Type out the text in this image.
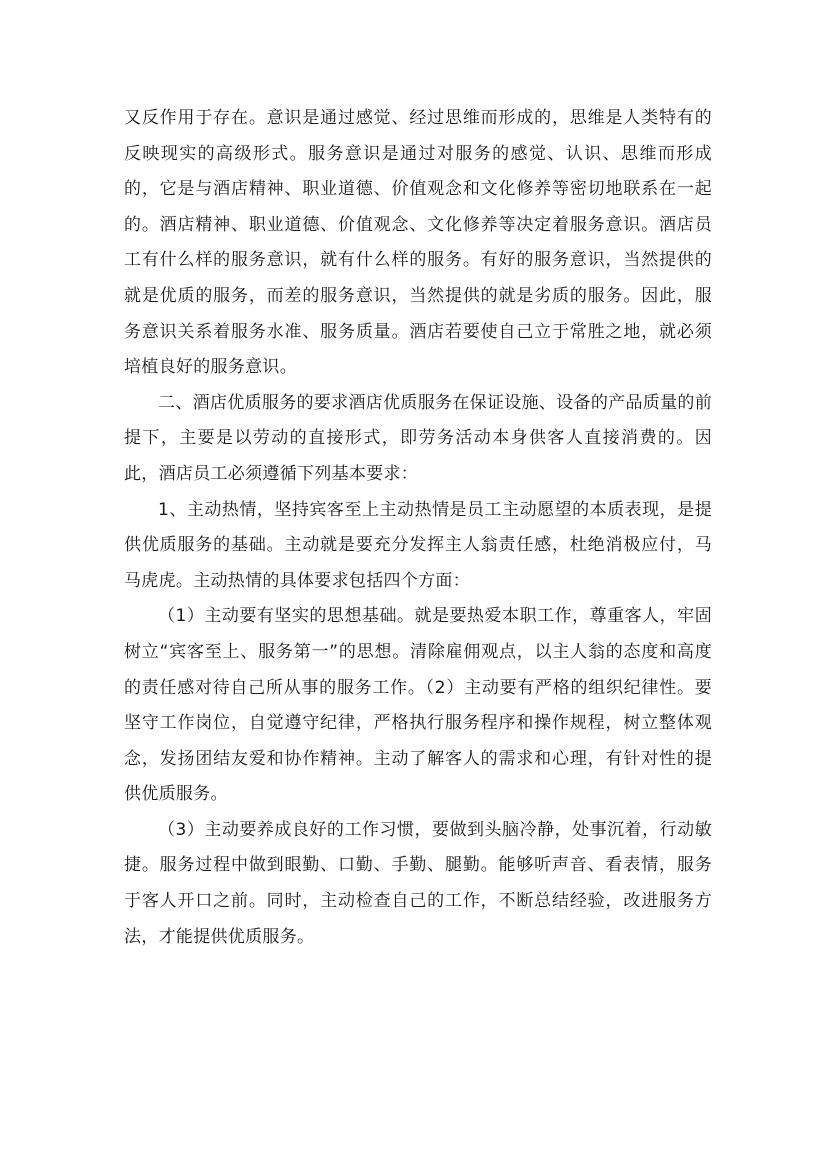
又反作用于存在。意识是通过感觉、经过思维而形成的，思维是人类特有的反映现实的高级形式。服务意识是通过对服务的感觉、认识、思维而形成的，它是与酒店精神、职业道德、价值观念和文化修养等密切地联系在一起的。酒店精神、职业道德、价值观念、文化修养等决定着服务意识。酒店员工有什么样的服务意识，就有什么样的服务。有好的服务意识，当然提供的就是优质的服务，而差的服务意识，当然提供的就是劣质的服务。因此，服务意识关系着服务水准、服务质量。酒店若要使自己立于常胜之地，就必须培植良好的服务意识。

二、酒店优质服务的要求酒店优质服务在保证设施、设备的产品质量的前提下，主要是以劳动的直接形式，即劳务活动本身供客人直接消费的。因此，酒店员工必须遵循下列基本要求：

1、主动热情，坚持宾客至上主动热情是员工主动愿望的本质表现，是提供优质服务的基础。主动就是要充分发挥主人翁责任感，杜绝消极应付，马马虎虎。主动热情的具体要求包括四个方面：

（1）主动要有坚实的思想基础。就是要热爱本职工作，尊重客人，牢固树立“宾客至上、服务第一”的思想。清除雇佣观点，以主人翁的态度和高度的责任感对待自己所从事的服务工作。（2）主动要有严格的组织纪律性。要坚守工作岗位，自觉遵守纪律，严格执行服务程序和操作规程，树立整体观念，发扬团结友爱和协作精神。主动了解客人的需求和心理，有针对性的提供优质服务。

（3）主动要养成良好的工作习惯，要做到头脑冷静，处事沉着，行动敏捷。服务过程中做到眼勤、口勤、手勤、腿勤。能够听声音、看表情，服务于客人开口之前。同时，主动检查自己的工作，不断总结经验，改进服务方法，才能提供优质服务。
